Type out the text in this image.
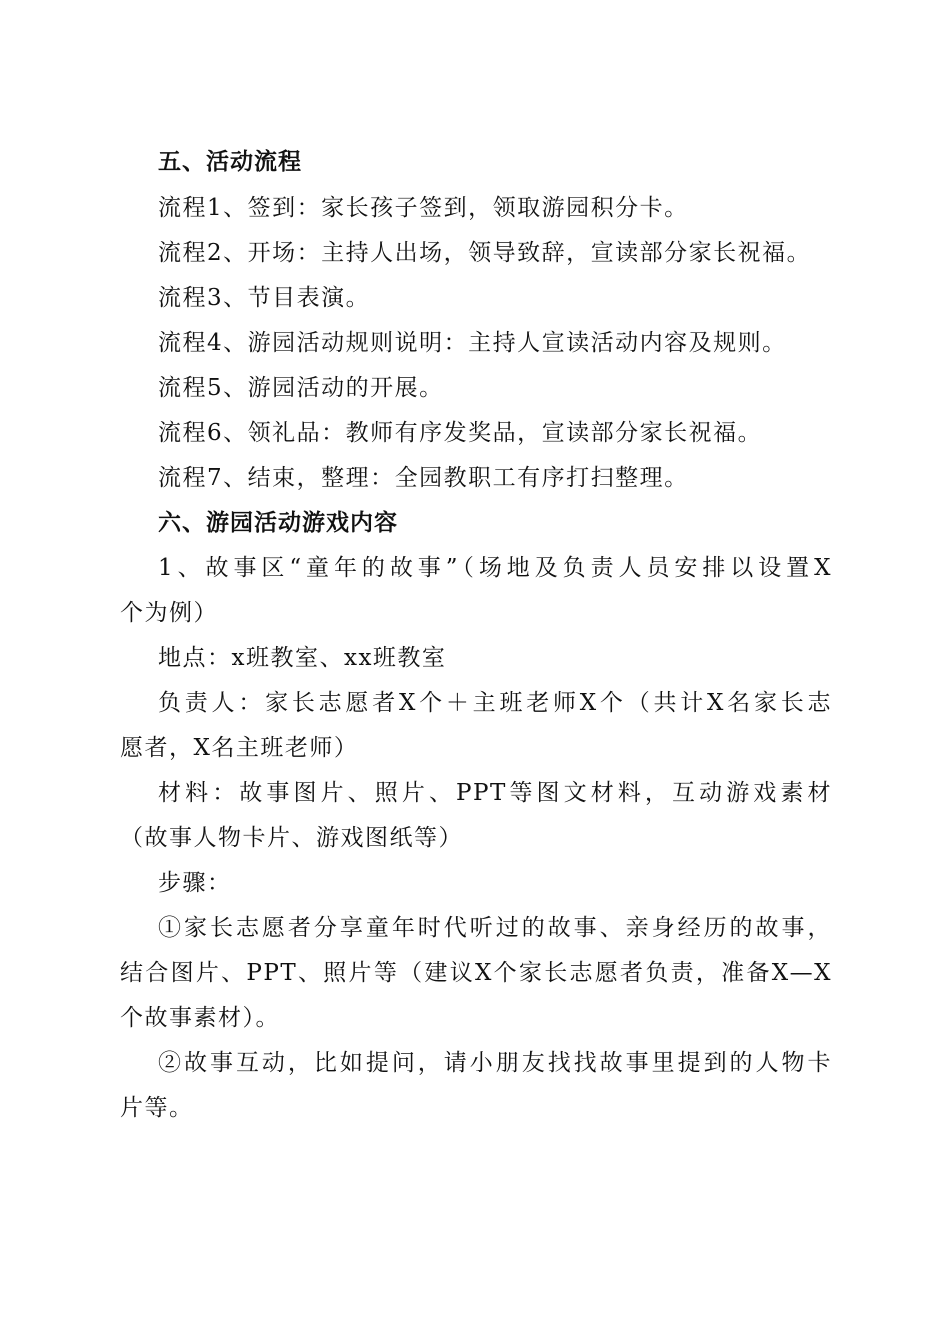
五、活动流程
流程1、签到：家长孩子签到，领取游园积分卡。
流程2、开场：主持人出场，领导致辞，宣读部分家长祝福。
流程3、节目表演。
流程4、游园活动规则说明：主持人宣读活动内容及规则。
流程5、游园活动的开展。
流程6、领礼品：教师有序发奖品，宣读部分家长祝福。
流程7、结束，整理：全园教职工有序打扫整理。
六、游园活动游戏内容
1、故事区“童年的故事”（场地及负责人员安排以设置X
个为例）
地点：x班教室、xx班教室
负责人：家长志愿者X个＋主班老师X个（共计X名家长志
愿者，X名主班老师）
材料：故事图片、照片、PPT等图文材料，互动游戏素材
（故事人物卡片、游戏图纸等）
步骤：
①家长志愿者分享童年时代听过的故事、亲身经历的故事，
结合图片、PPT、照片等（建议X个家长志愿者负责，准备X—X
个故事素材）。
②故事互动，比如提问，请小朋友找找故事里提到的人物卡
片等。
